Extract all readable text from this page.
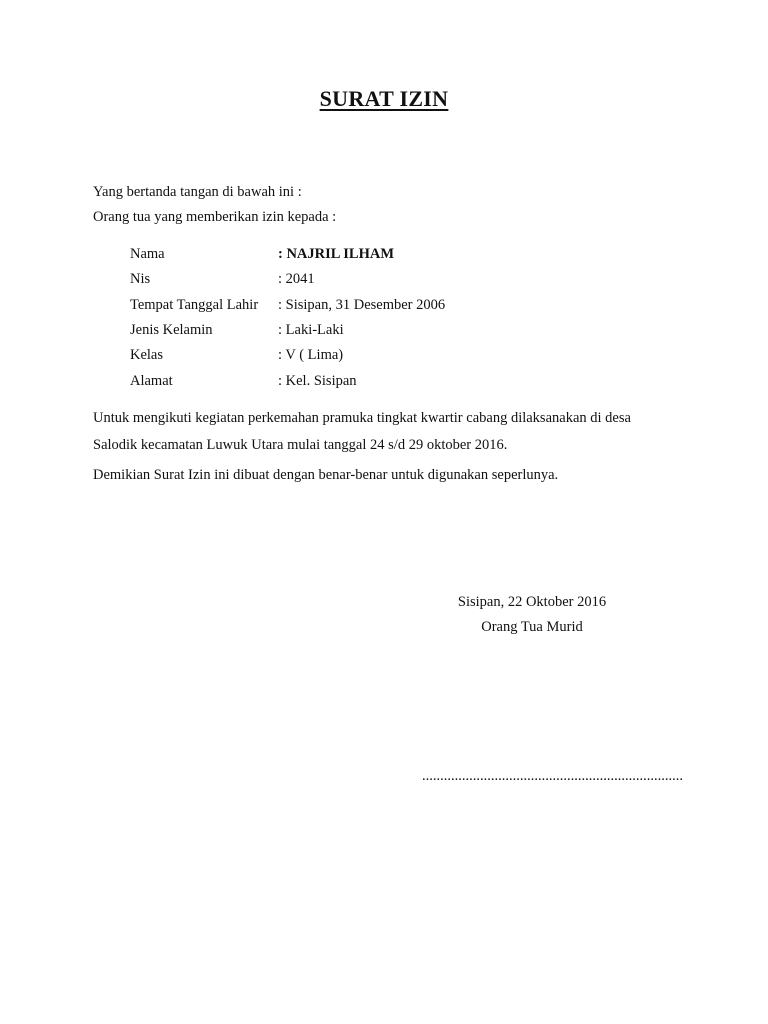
SURAT IZIN
Yang bertanda tangan di bawah ini :
Orang tua yang memberikan izin kepada :
Nama	: NAJRIL ILHAM
Nis	: 2041
Tempat Tanggal Lahir	: Sisipan, 31 Desember 2006
Jenis Kelamin	: Laki-Laki
Kelas	: V ( Lima)
Alamat	: Kel. Sisipan
Untuk mengikuti kegiatan perkemahan pramuka tingkat kwartir cabang dilaksanakan di desa
Salodik kecamatan Luwuk Utara mulai tanggal 24 s/d 29 oktober 2016.
Demikian Surat Izin ini dibuat dengan benar-benar untuk digunakan seperlunya.
Sisipan, 22 Oktober 2016
Orang Tua Murid
........................................................................
